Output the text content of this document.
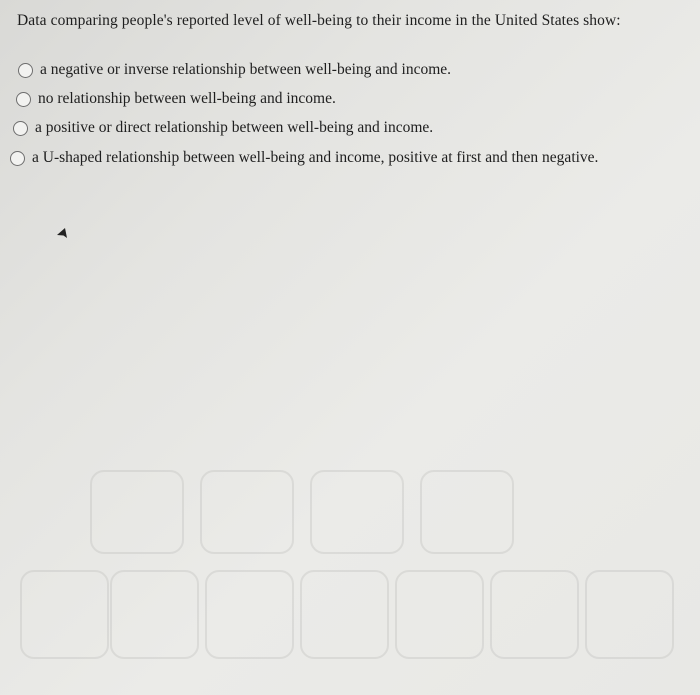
Data comparing people's reported level of well-being to their income in the United States show:
a negative or inverse relationship between well-being and income.
no relationship between well-being and income.
a positive or direct relationship between well-being and income.
a U-shaped relationship between well-being and income, positive at first and then negative.
